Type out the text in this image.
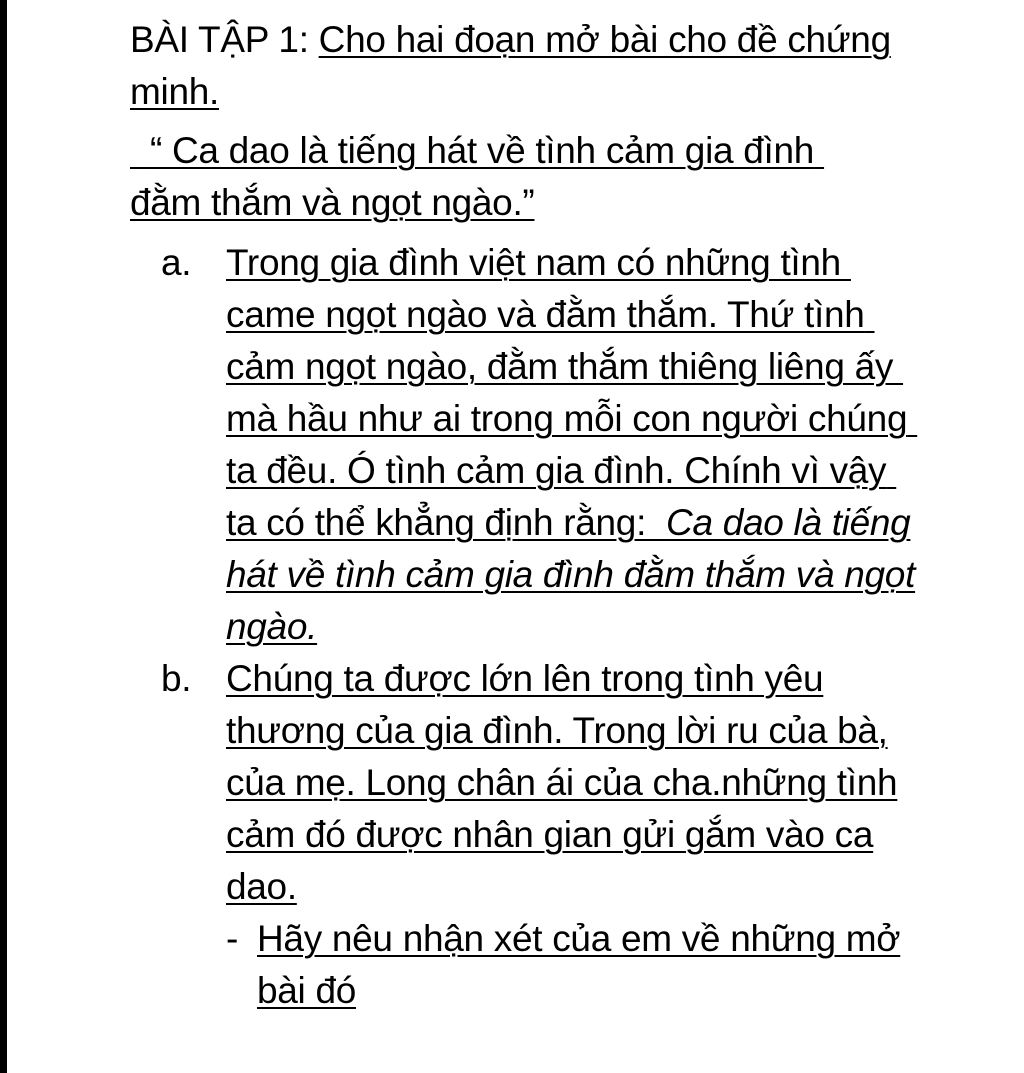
BÀI TẬP 1: Cho hai đoạn mở bài cho đề chứng minh.

“ Ca dao là tiếng hát về tình cảm gia đình đằm thắm và ngọt ngào.”

a. Trong gia đình việt nam có những tình came ngọt ngào và đằm thắm. Thứ tình cảm ngọt ngào, đằm thắm thiêng liêng ấy mà hầu như ai trong mỗi con người chúng ta đều. Ó tình cảm gia đình. Chính vì vậy ta có thể khẳng định rằng:  Ca dao là tiếng hát về tình cảm gia đình đằm thắm và ngọt ngào.
b. Chúng ta được lớn lên trong tình yêu thương của gia đình. Trong lời ru của bà, của mẹ. Long chân ái của cha.những tình cảm đó được nhân gian gửi gắm vào ca dao.
- Hãy nêu nhận xét của em về những mở bài đó
